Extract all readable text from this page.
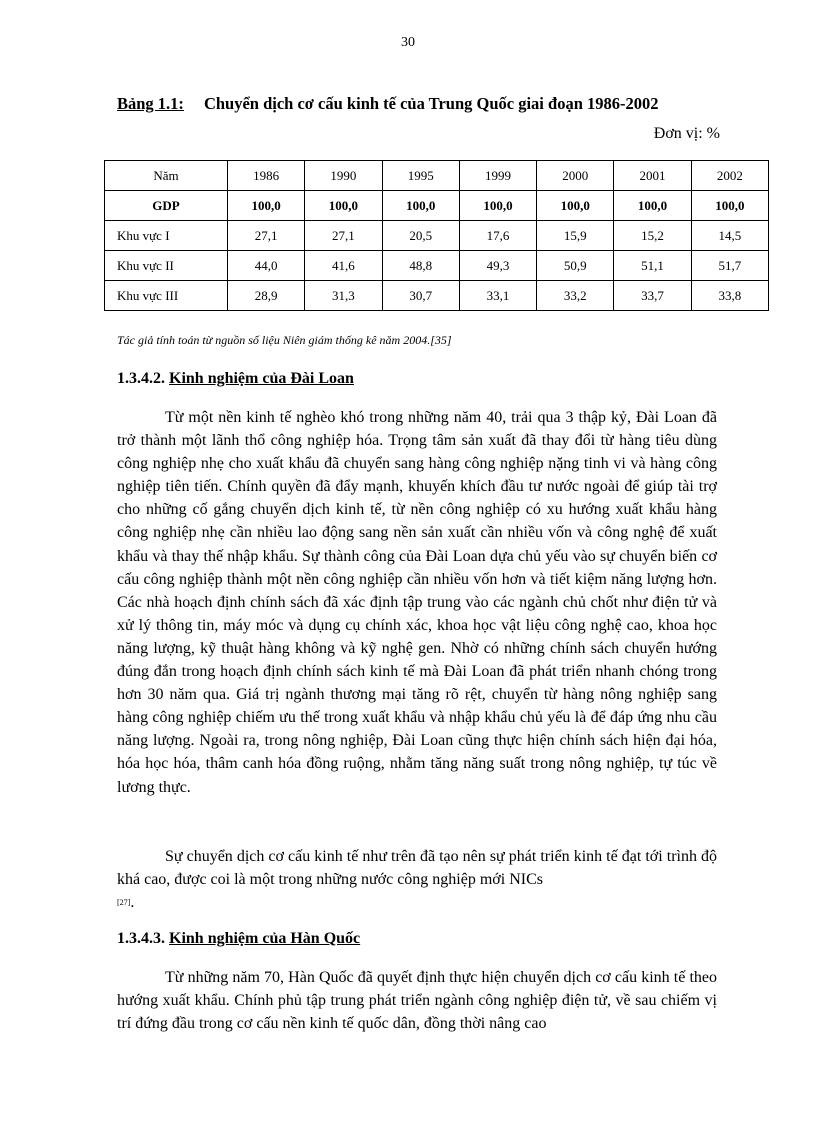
30
Bảng 1.1: Chuyển dịch cơ cấu kinh tế của Trung Quốc giai đoạn 1986-2002
Đơn vị: %
Năm	1986	1990	1995	1999	2000	2001	2002
GDP	100,0	100,0	100,0	100,0	100,0	100,0	100,0
Khu vực I	27,1	27,1	20,5	17,6	15,9	15,2	14,5
Khu vực II	44,0	41,6	48,8	49,3	50,9	51,1	51,7
Khu vực III	28,9	31,3	30,7	33,1	33,2	33,7	33,8
Tác giả tính toán từ nguồn số liệu Niên giám thống kê năm 2004.[35]
1.3.4.2. Kinh nghiệm của Đài Loan

Từ một nền kinh tế nghèo khó trong những năm 40, trải qua 3 thập kỷ, Đài Loan đã trở thành một lãnh thổ công nghiệp hóa. Trọng tâm sản xuất đã thay đổi từ hàng tiêu dùng công nghiệp nhẹ cho xuất khẩu đã chuyển sang hàng công nghiệp nặng tinh vi và hàng công nghiệp tiên tiến. Chính quyền đã đẩy mạnh, khuyến khích đầu tư nước ngoài để giúp tài trợ cho những cố gắng chuyển dịch kinh tế, từ nền công nghiệp có xu hướng xuất khẩu hàng công nghiệp nhẹ cần nhiều lao động sang nền sản xuất cần nhiều vốn và công nghệ để xuất khẩu và thay thế nhập khẩu. Sự thành công của Đài Loan dựa chủ yếu vào sự chuyển biến cơ cấu công nghiệp thành một nền công nghiệp cần nhiều vốn hơn và tiết kiệm năng lượng hơn. Các nhà hoạch định chính sách đã xác định tập trung vào các ngành chủ chốt như điện tử và xử lý thông tin, máy móc và dụng cụ chính xác, khoa học vật liệu công nghệ cao, khoa học năng lượng, kỹ thuật hàng không và kỹ nghệ gen. Nhờ có những chính sách chuyển hướng đúng đắn trong hoạch định chính sách kinh tế mà Đài Loan đã phát triển nhanh chóng trong hơn 30 năm qua. Giá trị ngành thương mại tăng rõ rệt, chuyển từ hàng nông nghiệp sang hàng công nghiệp chiếm ưu thế trong xuất khẩu và nhập khẩu chủ yếu là để đáp ứng nhu cầu năng lượng. Ngoài ra, trong nông nghiệp, Đài Loan cũng thực hiện chính sách hiện đại hóa, hóa học hóa, thâm canh hóa đồng ruộng, nhằm tăng năng suất trong nông nghiệp, tự túc về lương thực.

Sự chuyển dịch cơ cấu kinh tế như trên đã tạo nên sự phát triển kinh tế đạt tới trình độ khá cao, được coi là một trong những nước công nghiệp mới NICs
[27].

1.3.4.3. Kinh nghiệm của Hàn Quốc

Từ những năm 70, Hàn Quốc đã quyết định thực hiện chuyển dịch cơ cấu kinh tế theo hướng xuất khẩu. Chính phủ tập trung phát triển ngành công nghiệp điện tử, về sau chiếm vị trí đứng đầu trong cơ cấu nền kinh tế quốc dân, đồng thời nâng cao
